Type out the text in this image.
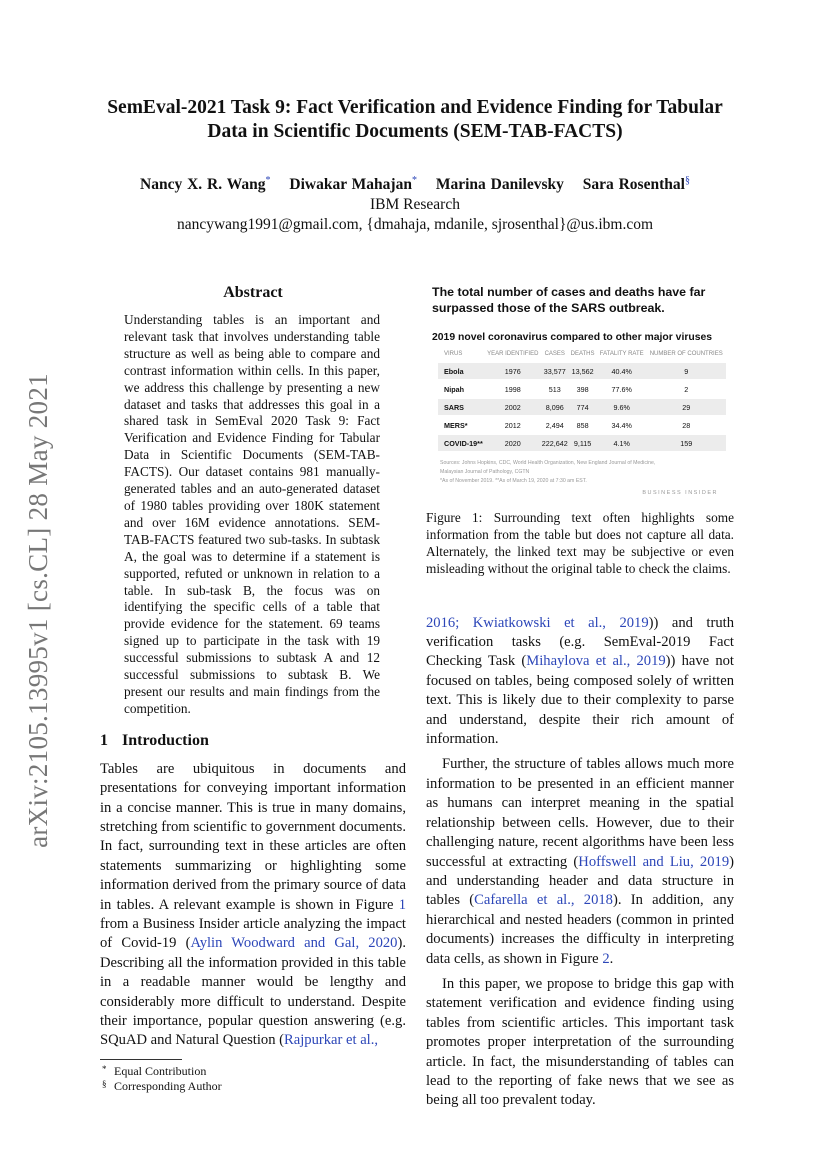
arXiv:2105.13995v1 [cs.CL] 28 May 2021
SemEval-2021 Task 9: Fact Verification and Evidence Finding for Tabular
Data in Scientific Documents (SEM-TAB-FACTS)
Nancy X. R. Wang* Diwakar Mahajan* Marina Danilevsky Sara Rosenthal§
IBM Research
nancywang1991@gmail.com, {dmahaja, mdanile, sjrosenthal}@us.ibm.com
Abstract

Understanding tables is an important and relevant task that involves understanding table structure as well as being able to compare and contrast information within cells. In this paper, we address this challenge by presenting a new dataset and tasks that addresses this goal in a shared task in SemEval 2020 Task 9: Fact Verification and Evidence Finding for Tabular Data in Scientific Documents (SEM-TAB-FACTS). Our dataset contains 981 manually-generated tables and an auto-generated dataset of 1980 tables providing over 180K statement and over 16M evidence annotations. SEM-TAB-FACTS featured two sub-tasks. In subtask A, the goal was to determine if a statement is supported, refuted or unknown in relation to a table. In sub-task B, the focus was on identifying the specific cells of a table that provide evidence for the statement. 69 teams signed up to participate in the task with 19 successful submissions to subtask A and 12 successful submissions to subtask B. We present our results and main findings from the competition.

1 Introduction

Tables are ubiquitous in documents and presentations for conveying important information in a concise manner. This is true in many domains, stretching from scientific to government documents. In fact, surrounding text in these articles are often statements summarizing or highlighting some information derived from the primary source of data in tables. A relevant example is shown in Figure 1 from a Business Insider article analyzing the impact of Covid-19 (Aylin Woodward and Gal, 2020). Describing all the information provided in this table in a readable manner would be lengthy and considerably more difficult to understand. Despite their importance, popular question answering (e.g. SQuAD and Natural Question (Rajpurkar et al.,

* Equal Contribution
§ Corresponding Author
The total number of cases and deaths have far surpassed those of the SARS outbreak.
2019 novel coronavirus compared to other major viruses
VIRUS	YEAR IDENTIFIED	CASES	DEATHS	FATALITY RATE	NUMBER OF COUNTRIES
Ebola	1976	33,577	13,562	40.4%	9
Nipah	1998	513	398	77.6%	2
SARS	2002	8,096	774	9.6%	29
MERS*	2012	2,494	858	34.4%	28
COVID-19**	2020	222,642	9,115	4.1%	159
Sources: Johns Hopkins, CDC, World Health Organization, New England Journal of Medicine,
Malaysian Journal of Pathology, CGTN
*As of November 2019. **As of March 19, 2020 at 7:30 am EST.
BUSINESS INSIDER

Figure 1: Surrounding text often highlights some information from the table but does not capture all data. Alternately, the linked text may be subjective or even misleading without the original table to check the claims.

2016; Kwiatkowski et al., 2019)) and truth verification tasks (e.g. SemEval-2019 Fact Checking Task (Mihaylova et al., 2019)) have not focused on tables, being composed solely of written text. This is likely due to their complexity to parse and understand, despite their rich amount of information.

Further, the structure of tables allows much more information to be presented in an efficient manner as humans can interpret meaning in the spatial relationship between cells. However, due to their challenging nature, recent algorithms have been less successful at extracting (Hoffswell and Liu, 2019) and understanding header and data structure in tables (Cafarella et al., 2018). In addition, any hierarchical and nested headers (common in printed documents) increases the difficulty in interpreting data cells, as shown in Figure 2.

In this paper, we propose to bridge this gap with statement verification and evidence finding using tables from scientific articles. This important task promotes proper interpretation of the surrounding article. In fact, the misunderstanding of tables can lead to the reporting of fake news that we see as being all too prevalent today.
